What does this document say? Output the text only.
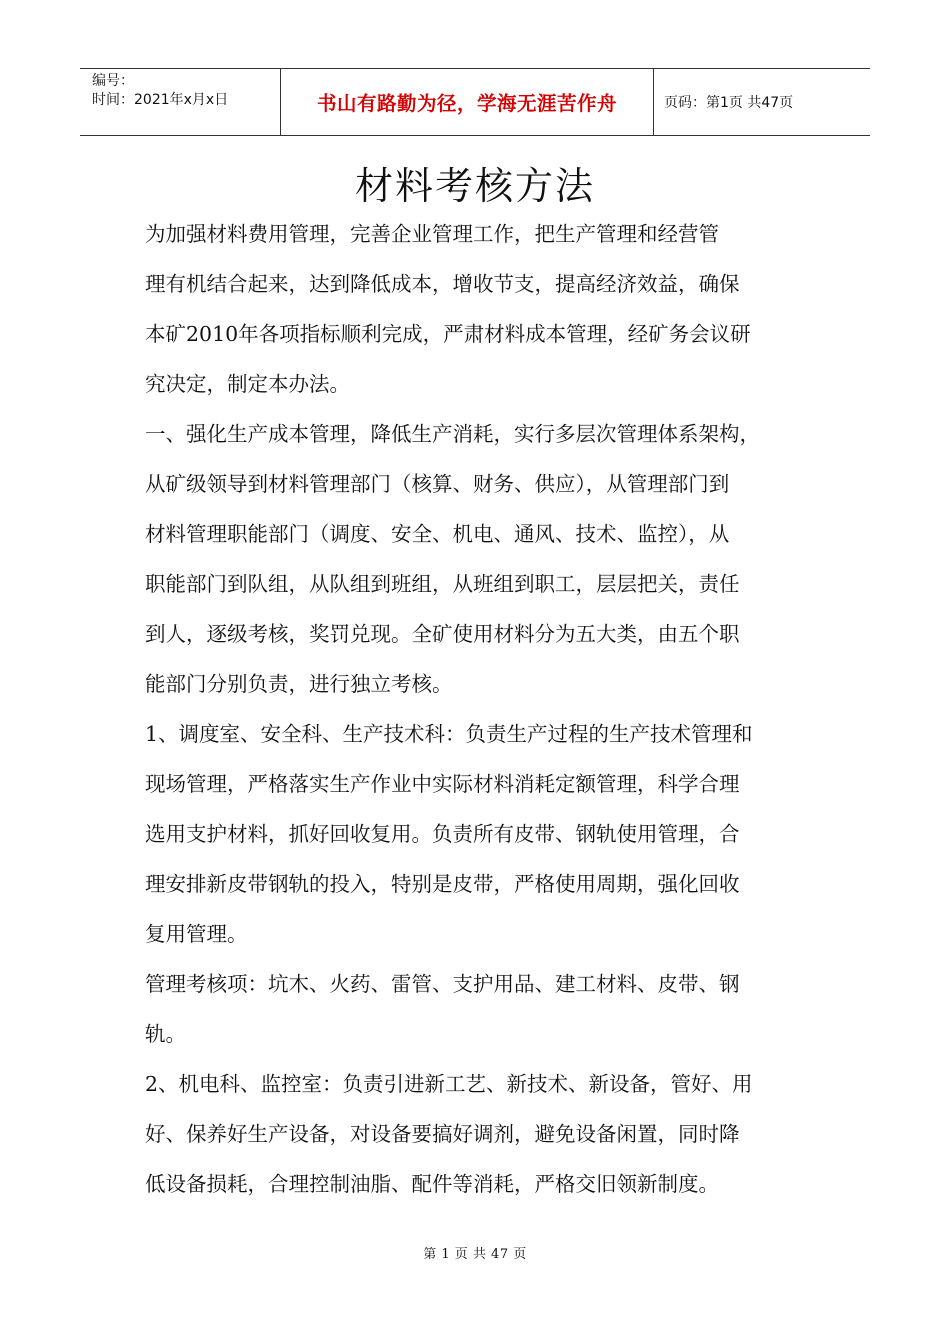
编号：
时间：2021年x月x日	书山有路勤为径，学海无涯苦作舟	页码：第1页 共47页
材料考核方法
为加强材料费用管理，完善企业管理工作，把生产管理和经营管
理有机结合起来，达到降低成本，增收节支，提高经济效益，确保
本矿2010年各项指标顺利完成，严肃材料成本管理，经矿务会议研
究决定，制定本办法。
一、强化生产成本管理，降低生产消耗，实行多层次管理体系架构，
从矿级领导到材料管理部门（核算、财务、供应），从管理部门到
材料管理职能部门（调度、安全、机电、通风、技术、监控），从
职能部门到队组，从队组到班组，从班组到职工，层层把关，责任
到人，逐级考核，奖罚兑现。全矿使用材料分为五大类，由五个职
能部门分别负责，进行独立考核。
1、调度室、安全科、生产技术科：负责生产过程的生产技术管理和
现场管理，严格落实生产作业中实际材料消耗定额管理，科学合理
选用支护材料，抓好回收复用。负责所有皮带、钢轨使用管理，合
理安排新皮带钢轨的投入，特别是皮带，严格使用周期，强化回收
复用管理。
管理考核项：坑木、火药、雷管、支护用品、建工材料、皮带、钢
轨。
2、机电科、监控室：负责引进新工艺、新技术、新设备，管好、用
好、保养好生产设备，对设备要搞好调剂，避免设备闲置，同时降
低设备损耗，合理控制油脂、配件等消耗，严格交旧领新制度。
第 1 页 共 47 页
